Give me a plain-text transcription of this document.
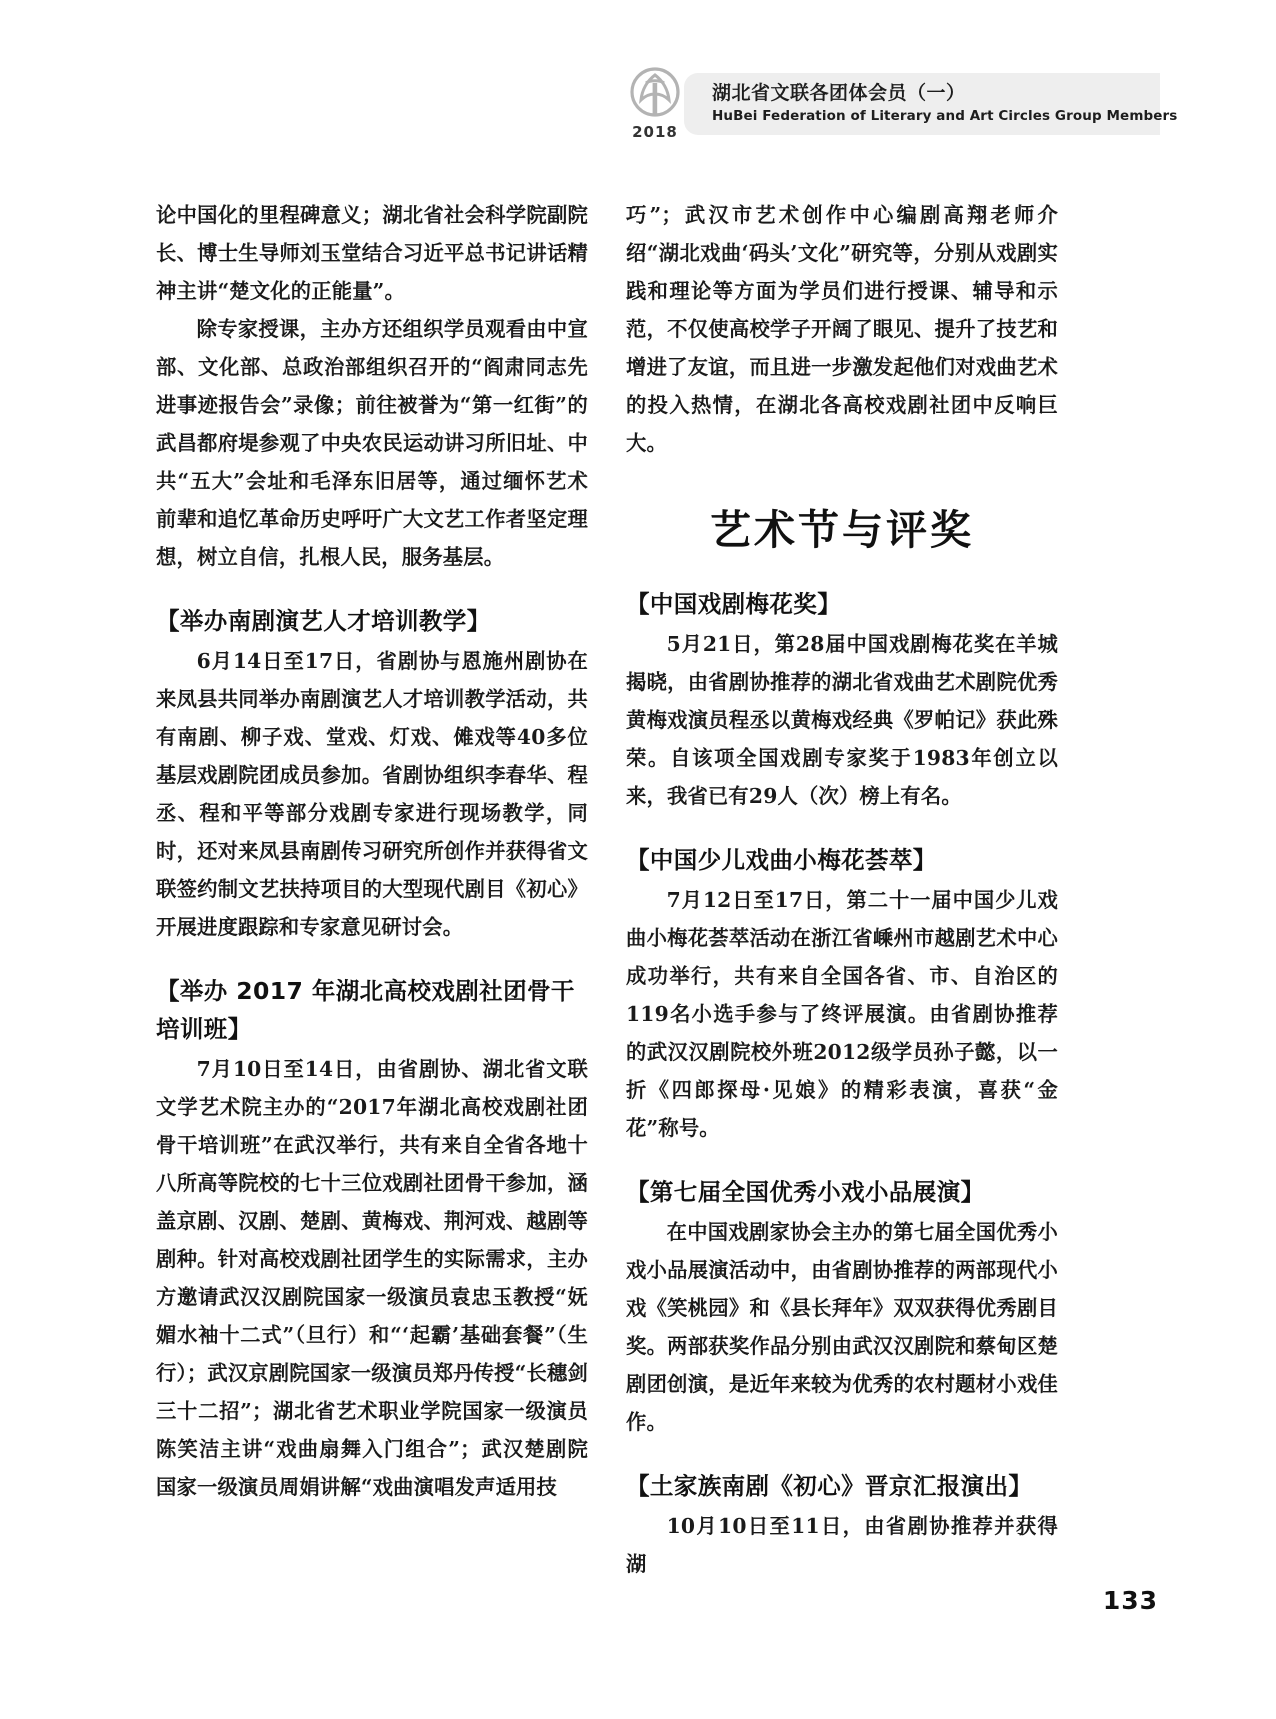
2018
湖北省文联各团体会员（一）
HuBei Federation of Literary and Art Circles Group Members
论中国化的里程碑意义；湖北省社会科学院副院长、博士生导师刘玉堂结合习近平总书记讲话精神主讲“楚文化的正能量”。
除专家授课，主办方还组织学员观看由中宣部、文化部、总政治部组织召开的“阎肃同志先进事迹报告会”录像；前往被誉为“第一红街”的武昌都府堤参观了中央农民运动讲习所旧址、中共“五大”会址和毛泽东旧居等，通过缅怀艺术前辈和追忆革命历史呼吁广大文艺工作者坚定理想，树立自信，扎根人民，服务基层。
【举办南剧演艺人才培训教学】
6月14日至17日，省剧协与恩施州剧协在来凤县共同举办南剧演艺人才培训教学活动，共有南剧、柳子戏、堂戏、灯戏、傩戏等40多位基层戏剧院团成员参加。省剧协组织李春华、程丞、程和平等部分戏剧专家进行现场教学，同时，还对来凤县南剧传习研究所创作并获得省文联签约制文艺扶持项目的大型现代剧目《初心》开展进度跟踪和专家意见研讨会。
【举办 2017 年湖北高校戏剧社团骨干培训班】
7月10日至14日，由省剧协、湖北省文联文学艺术院主办的“2017年湖北高校戏剧社团骨干培训班”在武汉举行，共有来自全省各地十八所高等院校的七十三位戏剧社团骨干参加，涵盖京剧、汉剧、楚剧、黄梅戏、荆河戏、越剧等剧种。针对高校戏剧社团学生的实际需求，主办方邀请武汉汉剧院国家一级演员袁忠玉教授“妩媚水袖十二式”（旦行）和“‘起霸’基础套餐”（生行）；武汉京剧院国家一级演员郑丹传授“长穗剑三十二招”；湖北省艺术职业学院国家一级演员陈笑洁主讲“戏曲扇舞入门组合”；武汉楚剧院国家一级演员周娟讲解“戏曲演唱发声适用技
巧”；武汉市艺术创作中心编剧高翔老师介绍“湖北戏曲‘码头’文化”研究等，分别从戏剧实践和理论等方面为学员们进行授课、辅导和示范，不仅使高校学子开阔了眼见、提升了技艺和增进了友谊，而且进一步激发起他们对戏曲艺术的投入热情，在湖北各高校戏剧社团中反响巨大。
艺术节与评奖
【中国戏剧梅花奖】
5月21日，第28届中国戏剧梅花奖在羊城揭晓，由省剧协推荐的湖北省戏曲艺术剧院优秀黄梅戏演员程丞以黄梅戏经典《罗帕记》获此殊荣。自该项全国戏剧专家奖于1983年创立以来，我省已有29人（次）榜上有名。
【中国少儿戏曲小梅花荟萃】
7月12日至17日，第二十一届中国少儿戏曲小梅花荟萃活动在浙江省嵊州市越剧艺术中心成功举行，共有来自全国各省、市、自治区的119名小选手参与了终评展演。由省剧协推荐的武汉汉剧院校外班2012级学员孙子懿，以一折《四郎探母·见娘》的精彩表演，喜获“金花”称号。
【第七届全国优秀小戏小品展演】
在中国戏剧家协会主办的第七届全国优秀小戏小品展演活动中，由省剧协推荐的两部现代小戏《笑桃园》和《县长拜年》双双获得优秀剧目奖。两部获奖作品分别由武汉汉剧院和蔡甸区楚剧团创演，是近年来较为优秀的农村题材小戏佳作。
【土家族南剧《初心》晋京汇报演出】
10月10日至11日，由省剧协推荐并获得湖
133
